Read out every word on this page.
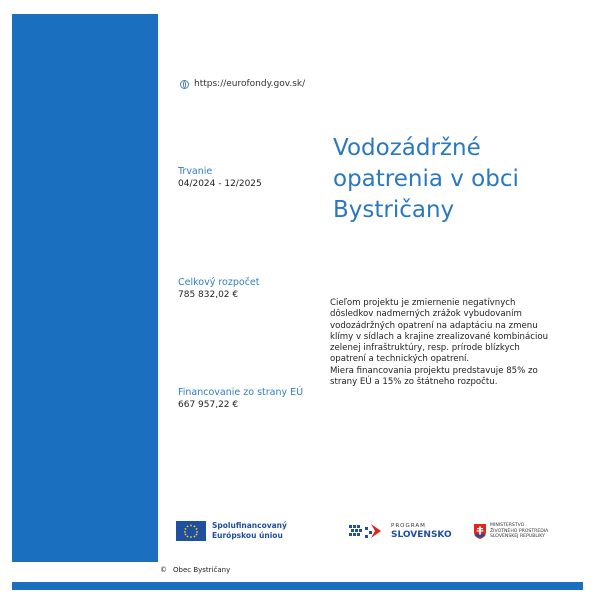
https://eurofondy.gov.sk/
Vodozádržné opatrenia v obci Bystričany
Trvanie
04/2024 - 12/2025
Celkový rozpočet
785 832,02 €
Financovanie zo strany EÚ
667 957,22 €

Cieľom projektu je zmiernenie negatívnych dôsledkov nadmerných zrážok vybudovaním vodozádržných opatrení na adaptáciu na zmenu klímy v sídlach a krajine zrealizované kombináciou zelenej infraštruktúry, resp. prírode blízkych opatrení a technických opatrení.

Miera financovania projektu predstavuje 85% zo strany EÚ a 15% zo štátneho rozpočtu.

Spolufinancovaný
Európskou úniou
PROGRAM
SLOVENSKO
MINISTERSTVO
ŽIVOTNÉHO PROSTREDIA
SLOVENSKEJ REPUBLIKY
© Obec Bystričany
